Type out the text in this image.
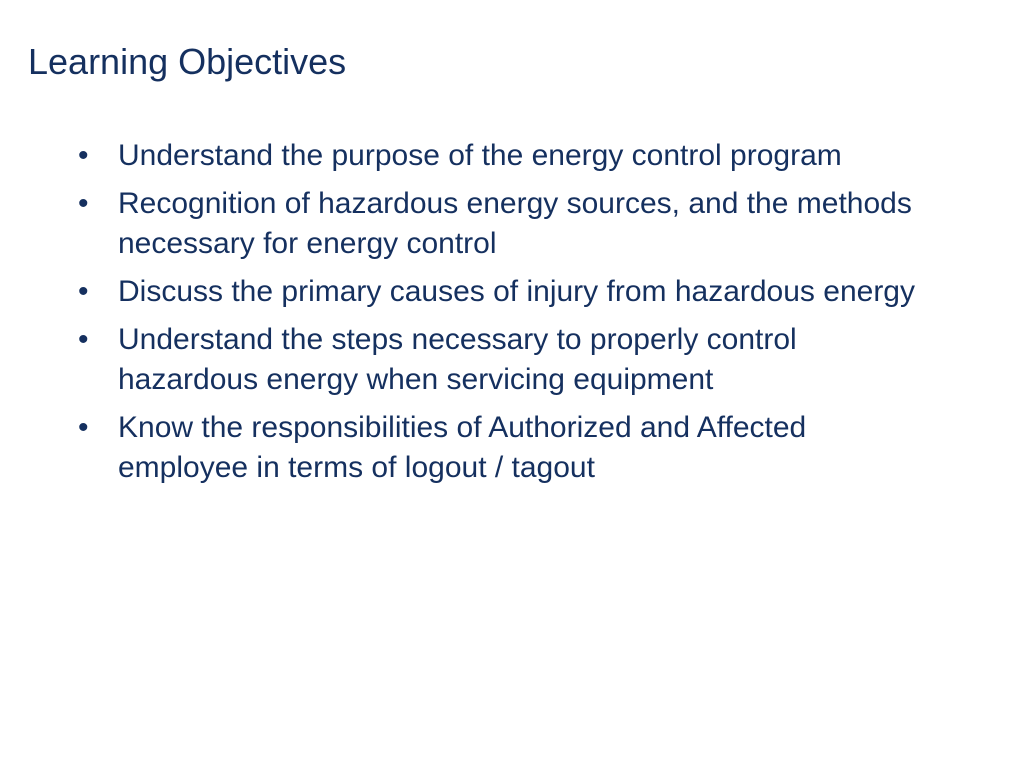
Learning Objectives
• Understand the purpose of the energy control program
• Recognition of hazardous energy sources, and the methods necessary for energy control
• Discuss the primary causes of injury from hazardous energy
• Understand the steps necessary to properly control hazardous energy when servicing equipment
• Know the responsibilities of Authorized and Affected employee in terms of logout / tagout
